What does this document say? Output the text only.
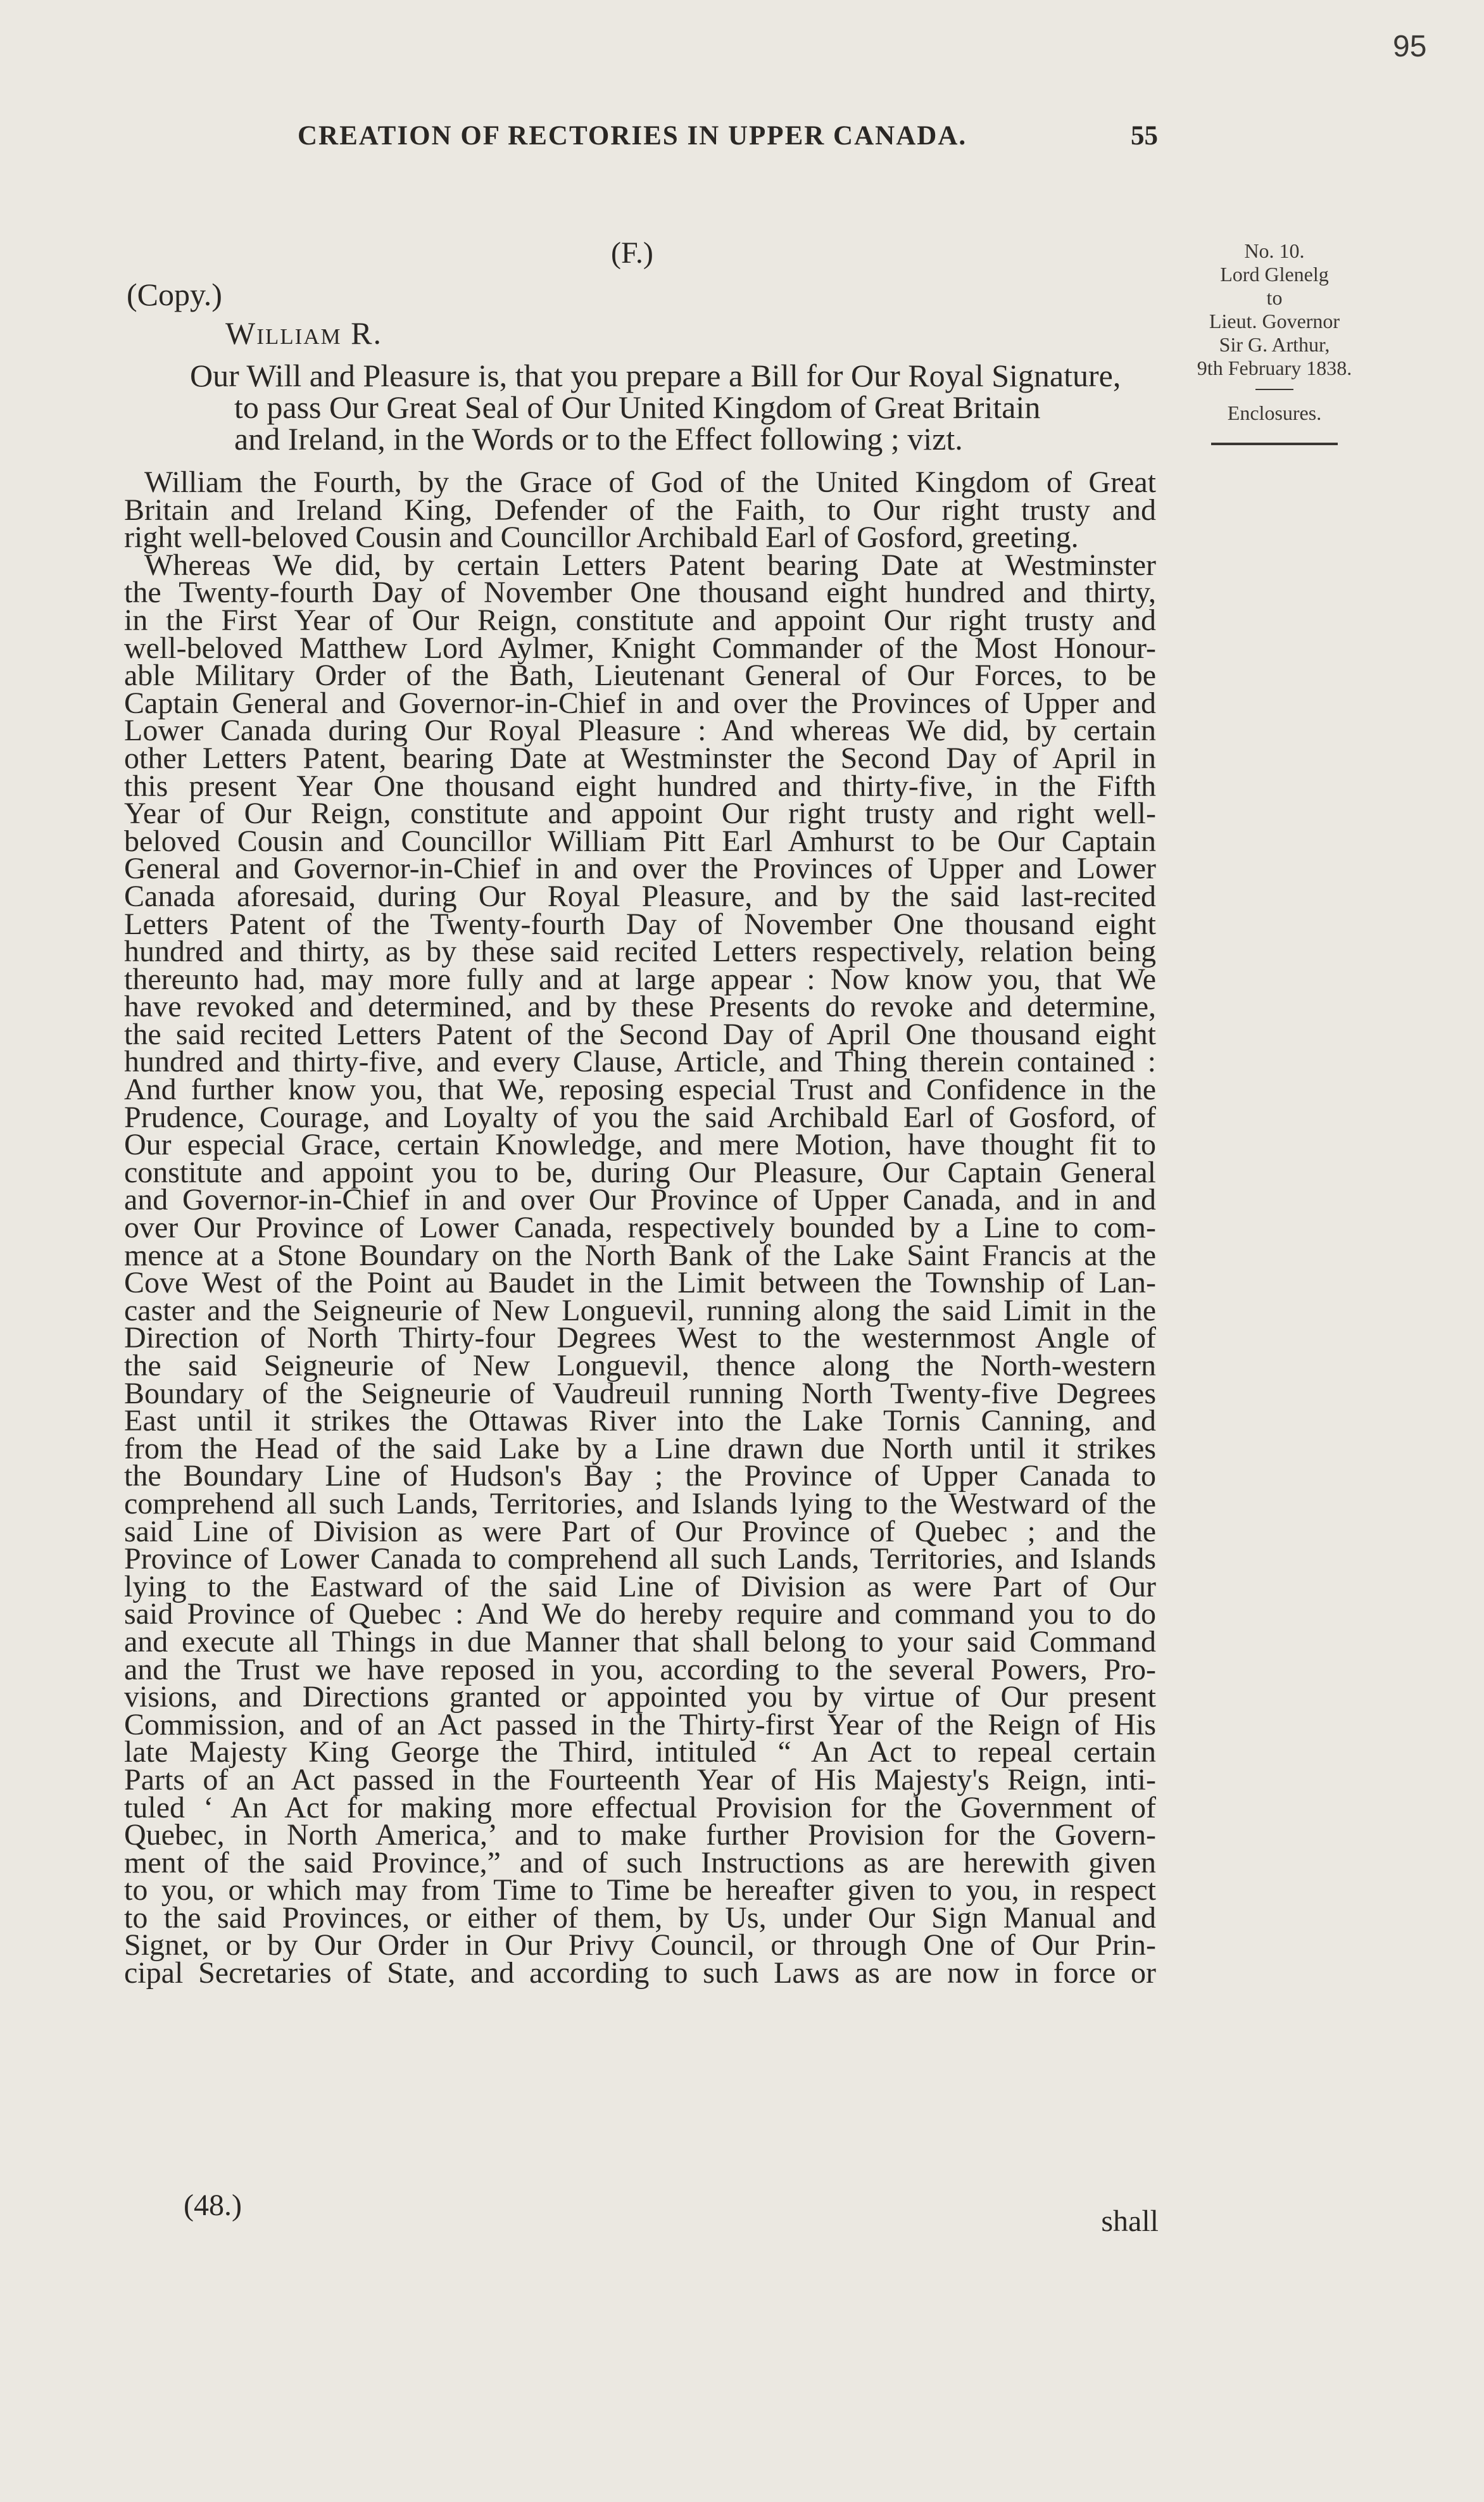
95
CREATION OF RECTORIES IN UPPER CANADA.	55
(F.)
(Copy.)
William R.

Our Will and Pleasure is, that you prepare a Bill for Our Royal Signature,

to pass Our Great Seal of Our United Kingdom of Great Britain

and Ireland, in the Words or to the Effect following ; vizt.

William the Fourth, by the Grace of God of the United Kingdom of Great
Britain and Ireland King, Defender of the Faith, to Our right trusty and
right well-beloved Cousin and Councillor Archibald Earl of Gosford, greeting.
Whereas We did, by certain Letters Patent bearing Date at Westminster
the Twenty-fourth Day of November One thousand eight hundred and thirty,
in the First Year of Our Reign, constitute and appoint Our right trusty and
well-beloved Matthew Lord Aylmer, Knight Commander of the Most Honour-
able Military Order of the Bath, Lieutenant General of Our Forces, to be
Captain General and Governor-in-Chief in and over the Provinces of Upper and
Lower Canada during Our Royal Pleasure : And whereas We did, by certain
other Letters Patent, bearing Date at Westminster the Second Day of April in
this present Year One thousand eight hundred and thirty-five, in the Fifth
Year of Our Reign, constitute and appoint Our right trusty and right well-
beloved Cousin and Councillor William Pitt Earl Amhurst to be Our Captain
General and Governor-in-Chief in and over the Provinces of Upper and Lower
Canada aforesaid, during Our Royal Pleasure, and by the said last-recited
Letters Patent of the Twenty-fourth Day of November One thousand eight
hundred and thirty, as by these said recited Letters respectively, relation being
thereunto had, may more fully and at large appear : Now know you, that We
have revoked and determined, and by these Presents do revoke and determine,
the said recited Letters Patent of the Second Day of April One thousand eight
hundred and thirty-five, and every Clause, Article, and Thing therein contained :
And further know you, that We, reposing especial Trust and Confidence in the
Prudence, Courage, and Loyalty of you the said Archibald Earl of Gosford, of
Our especial Grace, certain Knowledge, and mere Motion, have thought fit to
constitute and appoint you to be, during Our Pleasure, Our Captain General
and Governor-in-Chief in and over Our Province of Upper Canada, and in and
over Our Province of Lower Canada, respectively bounded by a Line to com-
mence at a Stone Boundary on the North Bank of the Lake Saint Francis at the
Cove West of the Point au Baudet in the Limit between the Township of Lan-
caster and the Seigneurie of New Longuevil, running along the said Limit in the
Direction of North Thirty-four Degrees West to the westernmost Angle of
the said Seigneurie of New Longuevil, thence along the North-western
Boundary of the Seigneurie of Vaudreuil running North Twenty-five Degrees
East until it strikes the Ottawas River into the Lake Tornis Canning, and
from the Head of the said Lake by a Line drawn due North until it strikes
the Boundary Line of Hudson's Bay ; the Province of Upper Canada to
comprehend all such Lands, Territories, and Islands lying to the Westward of the
said Line of Division as were Part of Our Province of Quebec ; and the
Province of Lower Canada to comprehend all such Lands, Territories, and Islands
lying to the Eastward of the said Line of Division as were Part of Our
said Province of Quebec : And We do hereby require and command you to do
and execute all Things in due Manner that shall belong to your said Command
and the Trust we have reposed in you, according to the several Powers, Pro-
visions, and Directions granted or appointed you by virtue of Our present
Commission, and of an Act passed in the Thirty-first Year of the Reign of His
late Majesty King George the Third, intituled “ An Act to repeal certain
Parts of an Act passed in the Fourteenth Year of His Majesty's Reign, inti-
tuled ‘ An Act for making more effectual Provision for the Government of
Quebec, in North America,’ and to make further Provision for the Govern-
ment of the said Province,” and of such Instructions as are herewith given
to you, or which may from Time to Time be hereafter given to you, in respect
to the said Provinces, or either of them, by Us, under Our Sign Manual and
Signet, or by Our Order in Our Privy Council, or through One of Our Prin-
cipal Secretaries of State, and according to such Laws as are now in force or
(48.)	shall
No. 10.
Lord Glenelg
to
Lieut. Governor
Sir G. Arthur,
9th February 1838.
Enclosures.
